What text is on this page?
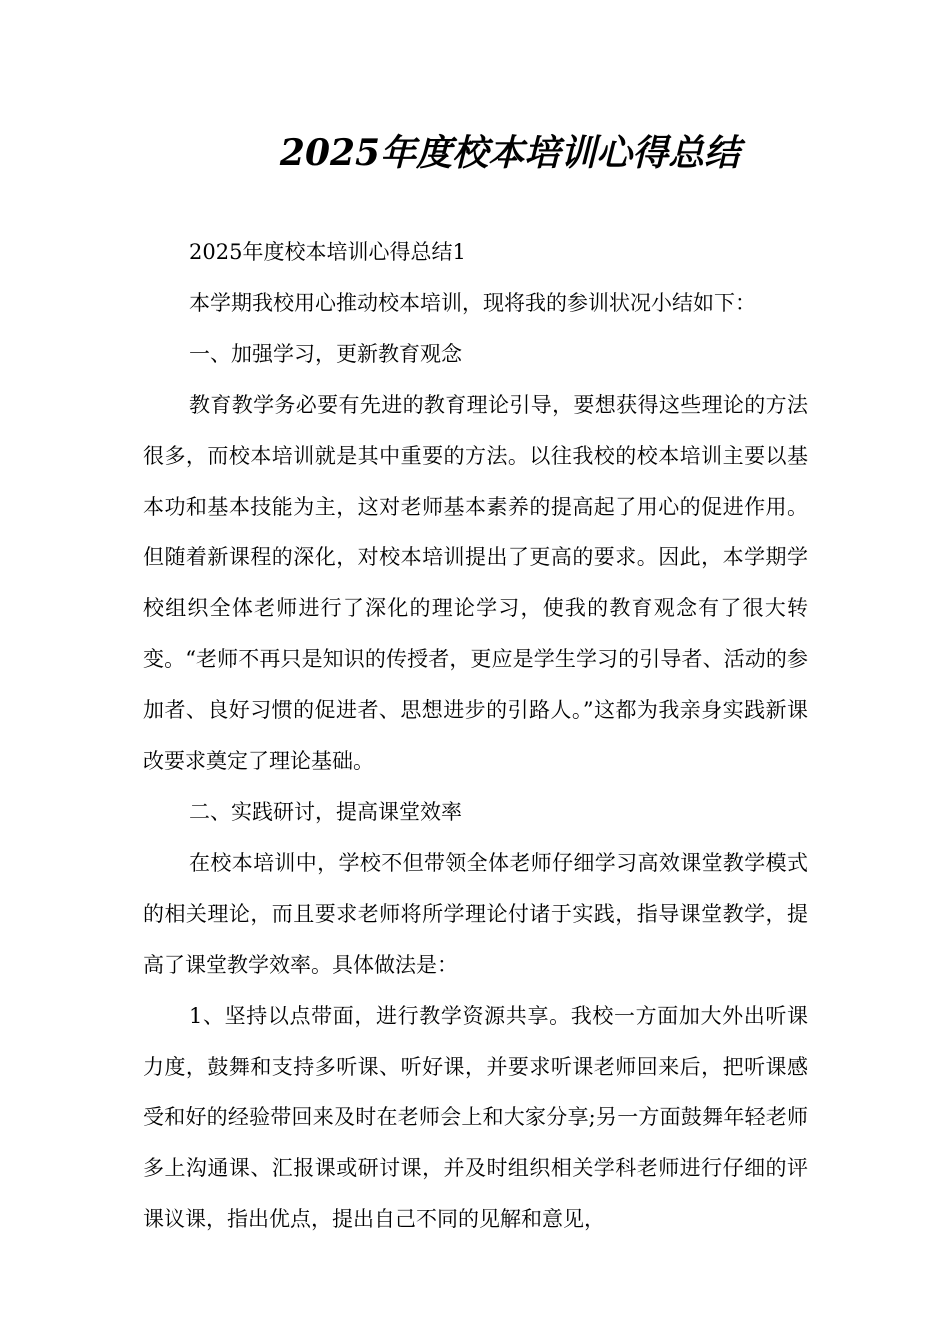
2025年度校本培训心得总结

2025年度校本培训心得总结1

本学期我校用心推动校本培训，现将我的参训状况小结如下：

一、加强学习，更新教育观念

教育教学务必要有先进的教育理论引导，要想获得这些理论的方法很多，而校本培训就是其中重要的方法。以往我校的校本培训主要以基本功和基本技能为主，这对老师基本素养的提高起了用心的促进作用。但随着新课程的深化，对校本培训提出了更高的要求。因此，本学期学校组织全体老师进行了深化的理论学习，使我的教育观念有了很大转变。“老师不再只是知识的传授者，更应是学生学习的引导者、活动的参加者、良好习惯的促进者、思想进步的引路人。”这都为我亲身实践新课改要求奠定了理论基础。

二、实践研讨，提高课堂效率

在校本培训中，学校不但带领全体老师仔细学习高效课堂教学模式的相关理论，而且要求老师将所学理论付诸于实践，指导课堂教学，提高了课堂教学效率。具体做法是：

1、坚持以点带面，进行教学资源共享。我校一方面加大外出听课力度，鼓舞和支持多听课、听好课，并要求听课老师回来后，把听课感受和好的经验带回来及时在老师会上和大家分享;另一方面鼓舞年轻老师多上沟通课、汇报课或研讨课，并及时组织相关学科老师进行仔细的评课议课，指出优点，提出自己不同的见解和意见，
